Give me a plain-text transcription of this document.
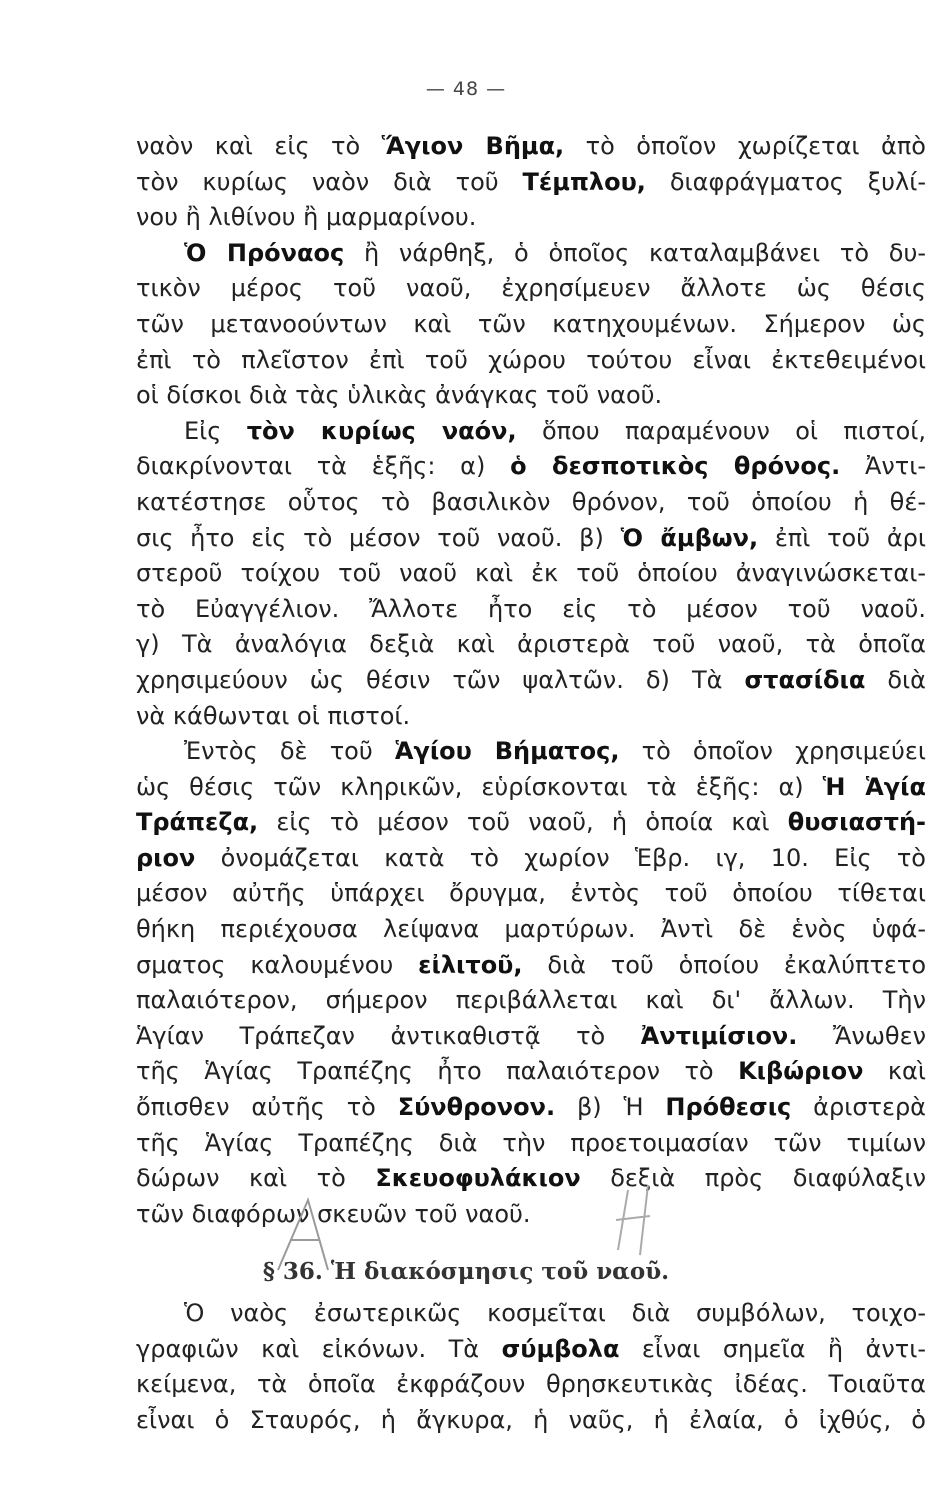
— 48 —
ναὸν καὶ εἰς τὸ Ἅγιον Βῆμα, τὸ ὁποῖον χωρίζεται ἀπὸ
τὸν κυρίως ναὸν διὰ τοῦ Τέμπλου, διαφράγματος ξυλί-
νου ἢ λιθίνου ἢ μαρμαρίνου.
Ὁ Πρόναος ἢ νάρθηξ, ὁ ὁποῖος καταλαμβάνει τὸ δυ-
τικὸν μέρος τοῦ ναοῦ, ἐχρησίμευεν ἄλλοτε ὡς θέσις
τῶν μετανοούντων καὶ τῶν κατηχουμένων. Σήμερον ὡς
ἐπὶ τὸ πλεῖστον ἐπὶ τοῦ χώρου τούτου εἶναι ἐκτεθειμένοι
οἱ δίσκοι διὰ τὰς ὑλικὰς ἀνάγκας τοῦ ναοῦ.
Εἰς τὸν κυρίως ναόν, ὅπου παραμένουν οἱ πιστοί,
διακρίνονται τὰ ἑξῆς: α) ὁ δεσποτικὸς θρόνος. Ἀντι-
κατέστησε οὗτος τὸ βασιλικὸν θρόνον, τοῦ ὁποίου ἡ θέ-
σις ἦτο εἰς τὸ μέσον τοῦ ναοῦ. β) Ὁ ἄμβων, ἐπὶ τοῦ ἀρι
στεροῦ τοίχου τοῦ ναοῦ καὶ ἐκ τοῦ ὁποίου ἀναγινώσκεται-
τὸ Εὐαγγέλιον. Ἄλλοτε ἦτο εἰς τὸ μέσον τοῦ ναοῦ.
γ) Τὰ ἀναλόγια δεξιὰ καὶ ἀριστερὰ τοῦ ναοῦ, τὰ ὁποῖα
χρησιμεύουν ὡς θέσιν τῶν ψαλτῶν. δ) Τὰ στασίδια διὰ
νὰ κάθωνται οἱ πιστοί.
Ἐντὸς δὲ τοῦ Ἁγίου Βήματος, τὸ ὁποῖον χρησιμεύει
ὡς θέσις τῶν κληρικῶν, εὑρίσκονται τὰ ἑξῆς: α) Ἡ Ἁγία
Τράπεζα, εἰς τὸ μέσον τοῦ ναοῦ, ἡ ὁποία καὶ θυσιαστή-
ριον ὀνομάζεται κατὰ τὸ χωρίον Ἑβρ. ιγ, 10. Εἰς τὸ
μέσον αὐτῆς ὑπάρχει ὄρυγμα, ἐντὸς τοῦ ὁποίου τίθεται
θήκη περιέχουσα λείψανα μαρτύρων. Ἀντὶ δὲ ἑνὸς ὑφά-
σματος καλουμένου εἰλιτοῦ, διὰ τοῦ ὁποίου ἐκαλύπτετο
παλαιότερον, σήμερον περιβάλλεται καὶ δι' ἄλλων. Τὴν
Ἁγίαν Τράπεζαν ἀντικαθιστᾷ τὸ Ἀντιμίσιον. Ἄνωθεν
τῆς Ἁγίας Τραπέζης ἦτο παλαιότερον τὸ Κιβώριον καὶ
ὄπισθεν αὐτῆς τὸ Σύνθρονον. β) Ἡ Πρόθεσις ἀριστερὰ
τῆς Ἁγίας Τραπέζης διὰ τὴν προετοιμασίαν τῶν τιμίων
δώρων καὶ τὸ Σκευοφυλάκιον δεξιὰ πρὸς διαφύλαξιν
τῶν διαφόρων σκευῶν τοῦ ναοῦ.
§ 36. Ἡ διακόσμησις τοῦ ναοῦ.
Ὁ ναὸς ἐσωτερικῶς κοσμεῖται διὰ συμβόλων, τοιχο-
γραφιῶν καὶ εἰκόνων. Τὰ σύμβολα εἶναι σημεῖα ἢ ἀντι-
κείμενα, τὰ ὁποῖα ἐκφράζουν θρησκευτικὰς ἰδέας. Τοιαῦτα
εἶναι ὁ Σταυρός, ἡ ἄγκυρα, ἡ ναῦς, ἡ ἐλαία, ὁ ἰχθύς, ὁ
